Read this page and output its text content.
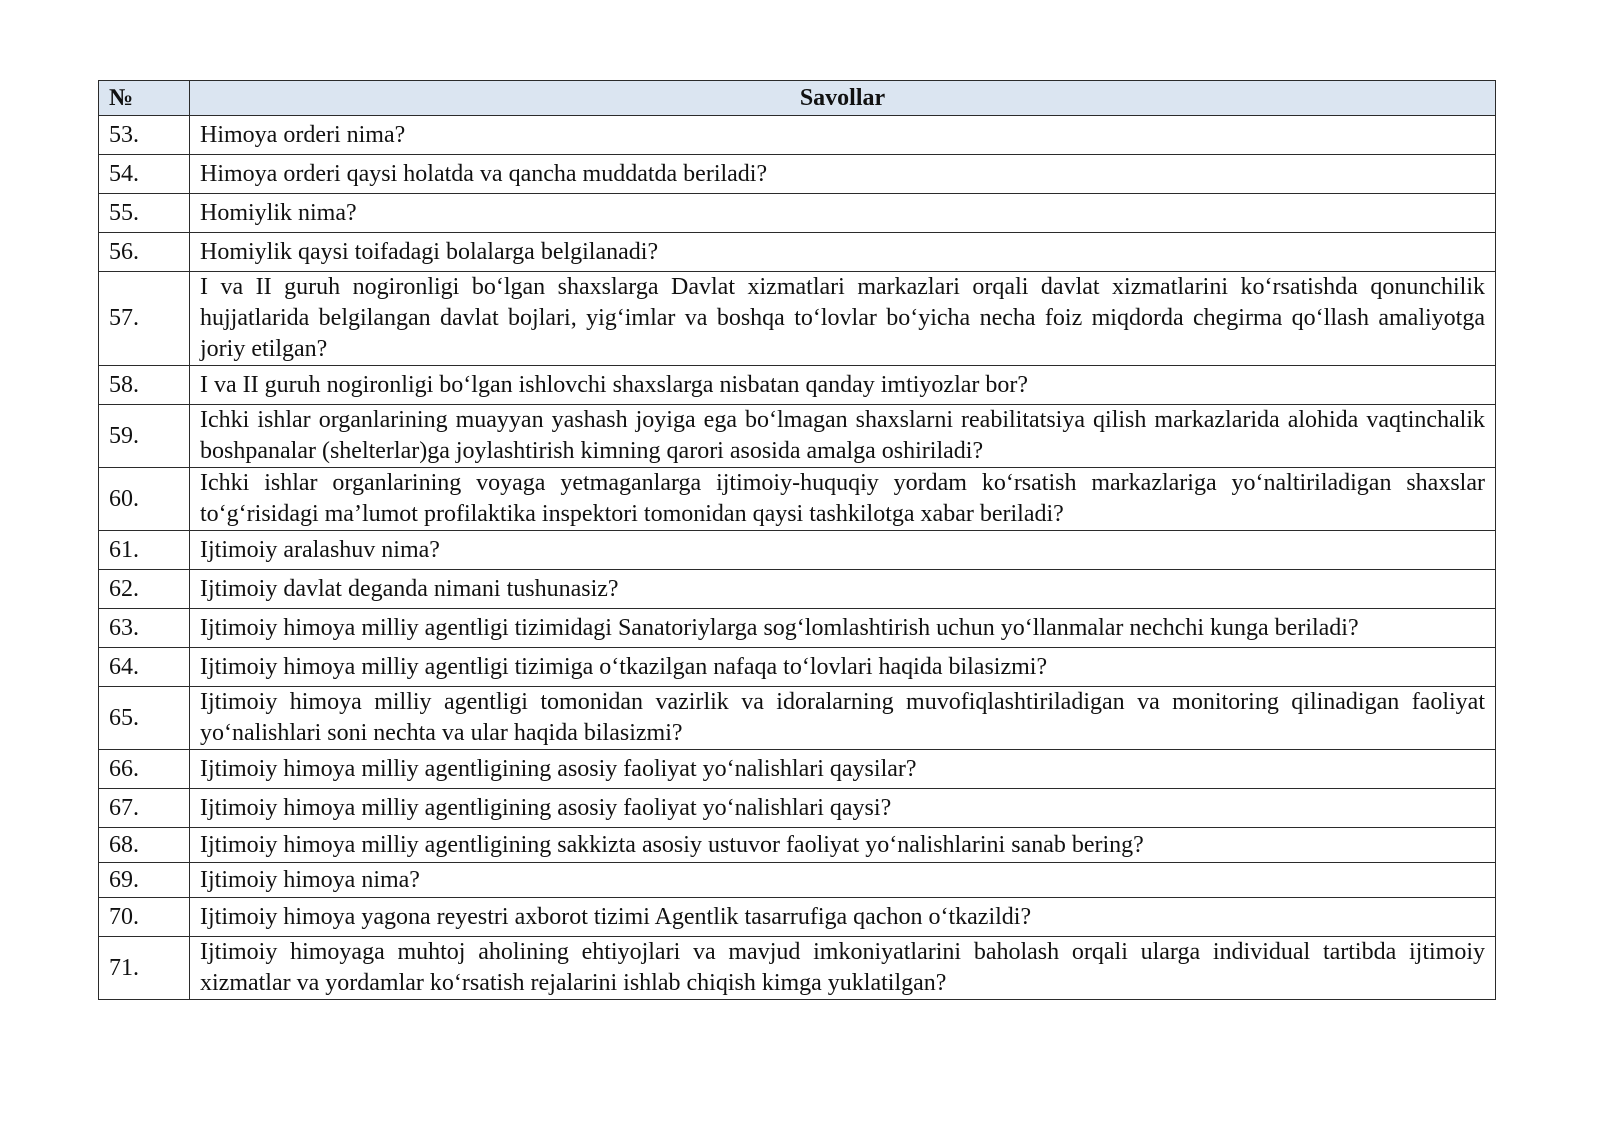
№	Savollar
53.	Himoya orderi nima?
54.	Himoya orderi qaysi holatda va qancha muddatda beriladi?
55.	Homiylik nima?
56.	Homiylik qaysi toifadagi bolalarga belgilanadi?
57.	I va II guruh nogironligi bo‘lgan shaxslarga Davlat xizmatlari markazlari orqali davlat xizmatlarini ko‘rsatishda qonunchilik hujjatlarida belgilangan davlat bojlari, yig‘imlar va boshqa to‘lovlar bo‘yicha necha foiz miqdorda chegirma qo‘llash amaliyotga joriy etilgan?
58.	I va II guruh nogironligi bo‘lgan ishlovchi shaxslarga nisbatan qanday imtiyozlar bor?
59.	Ichki ishlar organlarining muayyan yashash joyiga ega bo‘lmagan shaxslarni reabilitatsiya qilish markazlarida alohida vaqtinchalik boshpanalar (shelterlar)ga joylashtirish kimning qarori asosida amalga oshiriladi?
60.	Ichki ishlar organlarining voyaga yetmaganlarga ijtimoiy-huquqiy yordam ko‘rsatish markazlariga yo‘naltiriladigan shaxslar to‘g‘risidagi ma’lumot profilaktika inspektori tomonidan qaysi tashkilotga xabar beriladi?
61.	Ijtimoiy aralashuv nima?
62.	Ijtimoiy davlat deganda nimani tushunasiz?
63.	Ijtimoiy himoya milliy agentligi tizimidagi Sanatoriylarga sog‘lomlashtirish uchun yo‘llanmalar nechchi kunga beriladi?
64.	Ijtimoiy himoya milliy agentligi tizimiga o‘tkazilgan nafaqa to‘lovlari haqida bilasizmi?
65.	Ijtimoiy himoya milliy agentligi tomonidan vazirlik va idoralarning muvofiqlashtiriladigan va monitoring qilinadigan faoliyat yo‘nalishlari soni nechta va ular haqida bilasizmi?
66.	Ijtimoiy himoya milliy agentligining asosiy faoliyat yo‘nalishlari qaysilar?
67.	Ijtimoiy himoya milliy agentligining asosiy faoliyat yo‘nalishlari qaysi?
68.	Ijtimoiy himoya milliy agentligining sakkizta asosiy ustuvor faoliyat yo‘nalishlarini sanab bering?
69.	Ijtimoiy himoya nima?
70.	Ijtimoiy himoya yagona reyestri axborot tizimi Agentlik tasarrufiga qachon o‘tkazildi?
71.	Ijtimoiy himoyaga muhtoj aholining ehtiyojlari va mavjud imkoniyatlarini baholash orqali ularga individual tartibda ijtimoiy xizmatlar va yordamlar ko‘rsatish rejalarini ishlab chiqish kimga yuklatilgan?
